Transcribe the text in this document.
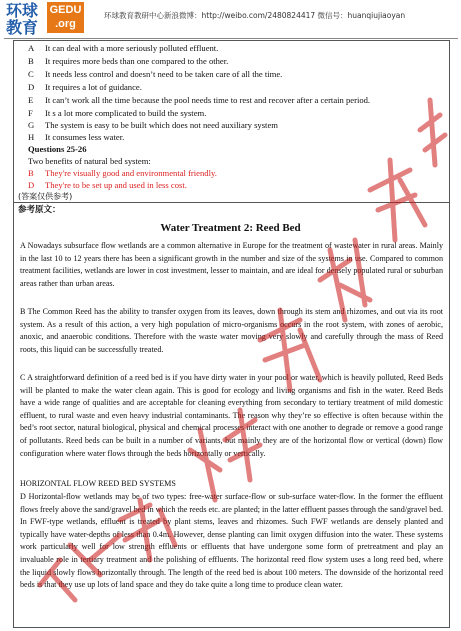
环球
教育
GEDU
.org
环球教育教研中心新浪微博：http://weibo.com/2480824417 微信号：huanqiujiaoyan
A It can deal with a more seriously polluted effluent.
B It requires more beds than one compared to the other.
C It needs less control and doesn’t need to be taken care of all the time.
D It requires a lot of guidance.
E It can’t work all the time because the pool needs time to rest and recover after a certain period.
F It s a lot more complicated to build the system.
G The system is easy to be built which does not need auxiliary system
H It consumes less water.
Questions 25-26
Two benefits of natural bed system:
B They're visually good and environmental friendly.
D They're to be set up and used in less cost.
(答案仅供参考)
参考原文：
Water Treatment 2: Reed Bed
A Nowadays subsurface flow wetlands are a common alternative in Europe for the treatment of wastewater in rural areas. Mainly in the last 10 to 12 years there has been a significant growth in the number and size of the systems in use. Compared to common treatment facilities, wetlands are lower in cost investment, lesser to maintain, and are ideal for densely populated rural or suburban areas rather than urban areas.
B The Common Reed has the ability to transfer oxygen from its leaves, down through its stem and rhizomes, and out via its root system. As a result of this action, a very high population of micro-organisms occurs in the root system, with zones of aerobic, anoxic, and anaerobic conditions. Therefore with the waste water moving very slowly and carefully through the mass of Reed roots, this liquid can be successfully treated.
C A straightforward definition of a reed bed is if you have dirty water in your pool or water, which is heavily polluted, Reed Beds will be planted to make the water clean again. This is good for ecology and living organisms and fish in the water. Reed Beds have a wide range of qualities and are acceptable for cleaning everything from secondary to tertiary treatment of mild domestic effluent, to rural waste and even heavy industrial contaminants. The reason why they’re so effective is often because within the bed’s root sector, natural biological, physical and chemical processes interact with one another to degrade or remove a good range of pollutants. Reed beds can be built in a number of variants, but mainly they are of the horizontal flow or vertical (down) flow configuration where water flows through the beds horizontally or vertically.
HORIZONTAL FLOW REED BED SYSTEMS
D Horizontal-flow wetlands may be of two types: free-water surface-flow or sub-surface water-flow. In the former the effluent flows freely above the sand/gravel bed in which the reeds etc. are planted; in the latter effluent passes through the sand/gravel bed. In FWF-type wetlands, effluent is treated by plant stems, leaves and rhizomes. Such FWF wetlands are densely planted and typically have water-depths of less than 0.4m. However, dense planting can limit oxygen diffusion into the water. These systems work particularly well for low strength effluents or effluents that have undergone some form of pretreatment and play an invaluable role in tertiary treatment and the polishing of effluents. The horizontal reed flow system uses a long reed bed, where the liquid slowly flows horizontally through. The length of the reed bed is about 100 meters. The downside of the horizontal reed beds is that they use up lots of land space and they do take quite a long time to produce clean water.
